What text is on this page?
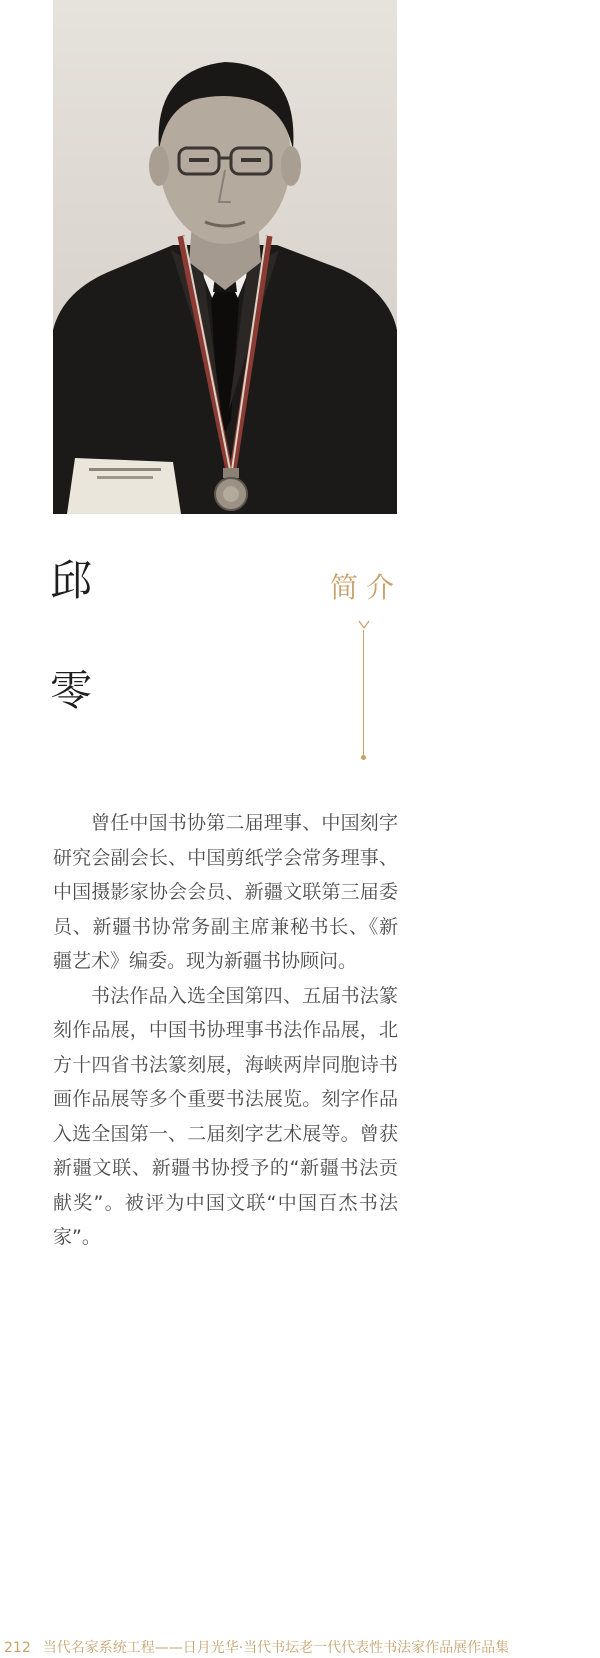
邱
零
简介

曾任中国书协第二届理事、中国刻字研究会副会长、中国剪纸学会常务理事、中国摄影家协会会员、新疆文联第三届委员、新疆书协常务副主席兼秘书长、《新疆艺术》编委。现为新疆书协顾问。

书法作品入选全国第四、五届书法篆刻作品展，中国书协理事书法作品展，北方十四省书法篆刻展，海峡两岸同胞诗书画作品展等多个重要书法展览。刻字作品入选全国第一、二届刻字艺术展等。曾获新疆文联、新疆书协授予的“新疆书法贡献奖”。被评为中国文联“中国百杰书法家”。

212 当代名家系统工程——日月光华·当代书坛老一代代表性书法家作品展作品集
